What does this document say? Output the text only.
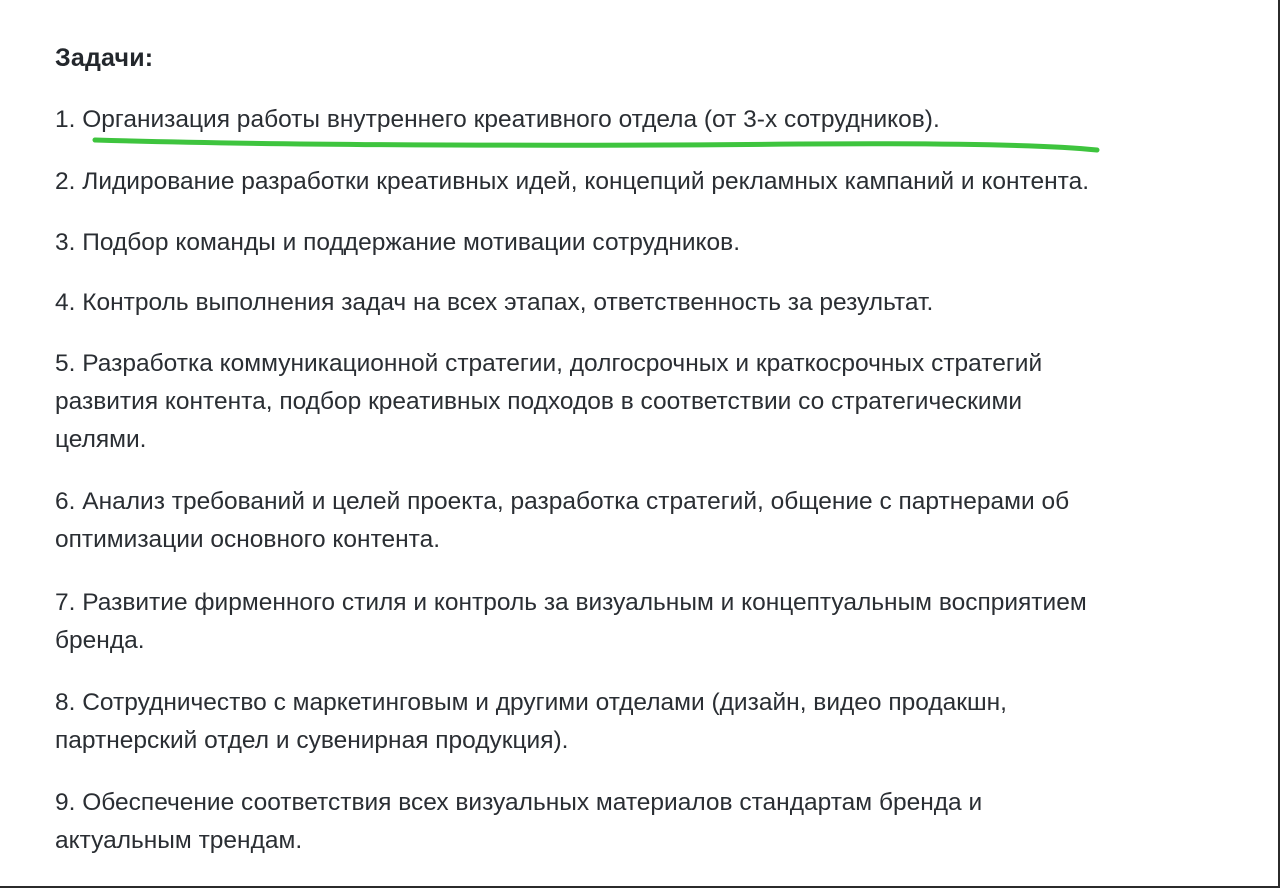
Задачи:
1. Организация работы внутреннего креативного отдела (от 3-х сотрудников).
2. Лидирование разработки креативных идей, концепций рекламных кампаний и контента.
3. Подбор команды и поддержание мотивации сотрудников.
4. Контроль выполнения задач на всех этапах, ответственность за результат.
5. Разработка коммуникационной стратегии, долгосрочных и краткосрочных стратегий
развития контента, подбор креативных подходов в соответствии со стратегическими
целями.
6. Анализ требований и целей проекта, разработка стратегий, общение с партнерами об
оптимизации основного контента.
7. Развитие фирменного стиля и контроль за визуальным и концептуальным восприятием
бренда.
8. Сотрудничество с маркетинговым и другими отделами (дизайн, видео продакшн,
партнерский отдел и сувенирная продукция).
9. Обеспечение соответствия всех визуальных материалов стандартам бренда и
актуальным трендам.
